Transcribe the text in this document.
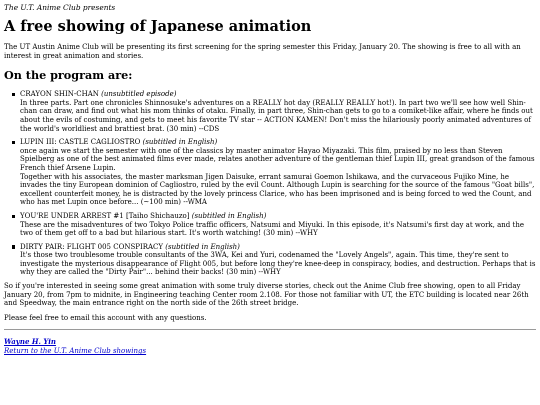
The U.T. Anime Club presents
A free showing of Japanese animation

The UT Austin Anime Club will be presenting its first screening for the spring semester this Friday, January 20. The showing is free to all with an interest in great animation and stories.

On the program are:
CRAYON SHIN-CHAN (unsubtitled episode)
In three parts. Part one chronicles Shinnosuke's adventures on a REALLY hot day (REALLY REALLY hot!). In part two we'll see how well Shin-chan can draw, and find out what his mom thinks of otaku. Finally, in part three, Shin-chan gets to go to a comiket-like affair, where he finds out about the evils of costuming, and gets to meet his favorite TV star -- ACTION KAMEN! Don't miss the hilariously poorly animated adventures of the world's worldliest and brattiest brat. (30 min) --CDS
LUPIN III: CASTLE CAGLIOSTRO (subtitled in English)
once again we start the semester with one of the classics by master animator Hayao Miyazaki. This film, praised by no less than Steven Spielberg as one of the best animated films ever made, relates another adventure of the gentleman thief Lupin III, great grandson of the famous French thief Arsene Lupin.
Together with his associates, the master marksman Jigen Daisuke, errant samurai Goemon Ishikawa, and the curvaceous Fujiko Mine, he invades the tiny European dominion of Cagliostro, ruled by the evil Count. Although Lupin is searching for the source of the famous "Goat bills", excellent counterfeit money, he is distracted by the lovely princess Clarice, who has been imprisoned and is being forced to wed the Count, and who has met Lupin once before... (~100 min) --WMA
YOU'RE UNDER ARREST #1 [Taiho Shichauzo] (subtitled in English)
These are the misadventures of two Tokyo Police traffic officers, Natsumi and Miyuki. In this episode, it's Natsumi's first day at work, and the two of them get off to a bad but hilarious start. It's worth watching! (30 min) --WHY
DIRTY PAIR: FLIGHT 005 CONSPIRACY (subtitled in English)
It's those two troublesome trouble consultants of the 3WA, Kei and Yuri, codenamed the "Lovely Angels", again. This time, they're sent to investigate the mysterious disappearance of Flight 005, but before long they're knee-deep in conspiracy, bodies, and destruction. Perhaps that is why they are called the "Dirty Pair"... behind their backs! (30 min) --WHY

So if you're interested in seeing some great animation with some truly diverse stories, check out the Anime Club free showing, open to all Friday January 20, from 7pm to midnite, in Engineering teaching Center room 2.108. For those not familiar with UT, the ETC building is located near 26th and Speedway, the main entrance right on the north side of the 26th street bridge.

Please feel free to email this account with any questions.

Wayne H. Yin
Return to the U.T. Anime Club showings
